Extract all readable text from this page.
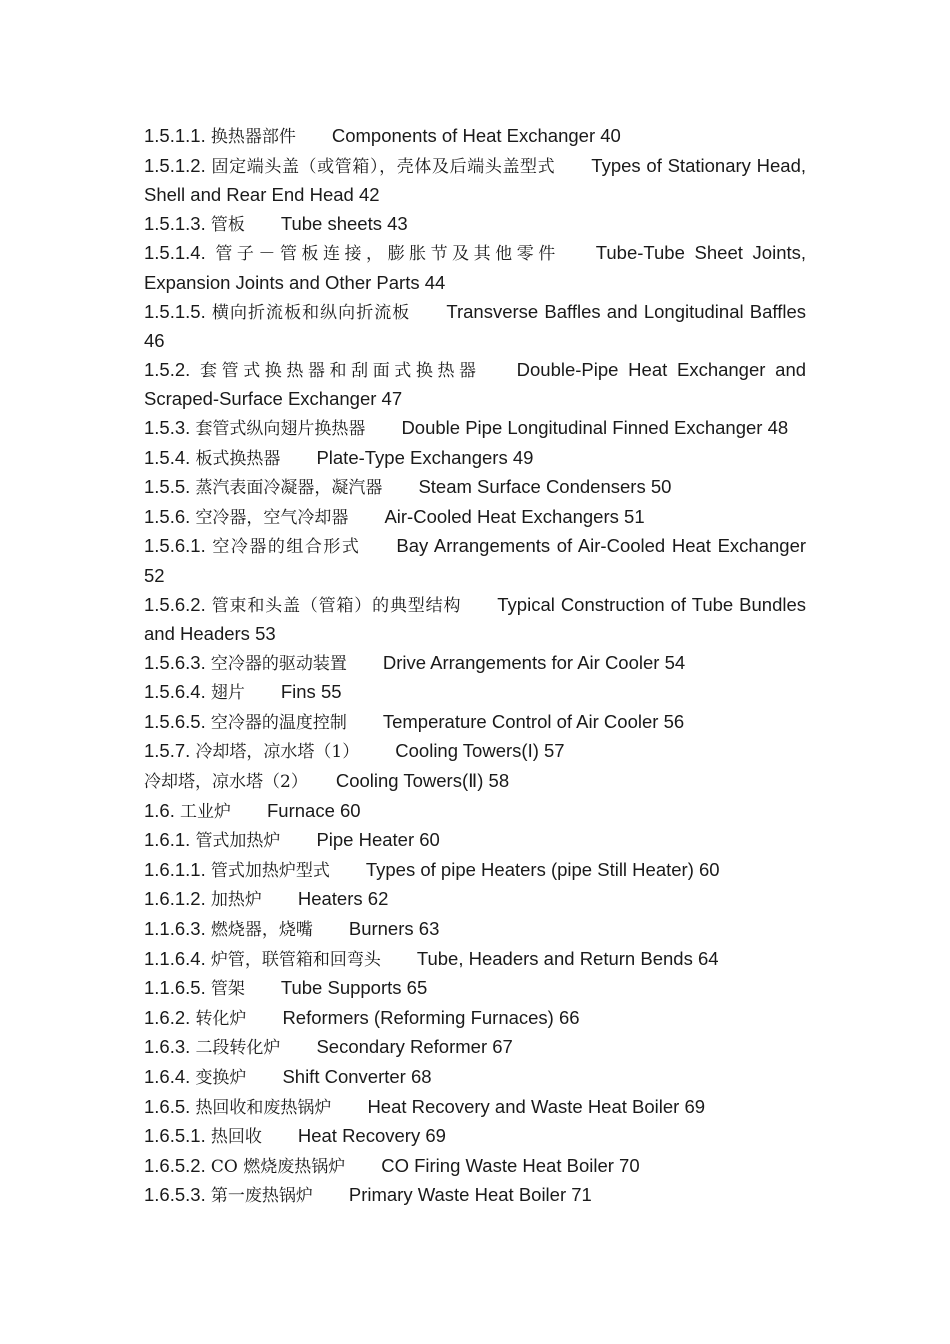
1.5.1.1. 换热器部件 Components of Heat Exchanger 40

1.5.1.2. 固定端头盖（或管箱），壳体及后端头盖型式 Types of Stationary Head, Shell and Rear End Head 42

1.5.1.3. 管板 Tube sheets 43

1.5.1.4. 管子－管板连接，膨胀节及其他零件 Tube-Tube Sheet Joints, Expansion Joints and Other Parts 44

1.5.1.5. 横向折流板和纵向折流板 Transverse Baffles and Longitudinal Baffles 46

1.5.2. 套管式换热器和刮面式换热器 Double-Pipe Heat Exchanger and Scraped-Surface Exchanger 47

1.5.3. 套管式纵向翅片换热器 Double Pipe Longitudinal Finned Exchanger 48

1.5.4. 板式换热器 Plate-Type Exchangers 49

1.5.5. 蒸汽表面冷凝器，凝汽器 Steam Surface Condensers 50

1.5.6. 空冷器，空气冷却器 Air-Cooled Heat Exchangers 51

1.5.6.1. 空冷器的组合形式 Bay Arrangements of Air-Cooled Heat Exchanger 52

1.5.6.2. 管束和头盖（管箱）的典型结构 Typical Construction of Tube Bundles and Headers 53

1.5.6.3. 空冷器的驱动装置 Drive Arrangements for Air Cooler 54

1.5.6.4. 翅片 Fins 55

1.5.6.5. 空冷器的温度控制 Temperature Control of Air Cooler 56

1.5.7. 冷却塔，凉水塔（1） Cooling Towers(I) 57

冷却塔，凉水塔（2） Cooling Towers(Ⅱ) 58

1.6. 工业炉 Furnace 60

1.6.1. 管式加热炉 Pipe Heater 60

1.6.1.1. 管式加热炉型式 Types of pipe Heaters (pipe Still Heater) 60

1.6.1.2. 加热炉 Heaters 62

1.1.6.3. 燃烧器，烧嘴 Burners 63

1.1.6.4. 炉管，联管箱和回弯头 Tube, Headers and Return Bends 64

1.1.6.5. 管架 Tube Supports 65

1.6.2. 转化炉 Reformers (Reforming Furnaces) 66

1.6.3. 二段转化炉 Secondary Reformer 67

1.6.4. 变换炉 Shift Converter 68

1.6.5. 热回收和废热锅炉 Heat Recovery and Waste Heat Boiler 69

1.6.5.1. 热回收 Heat Recovery 69

1.6.5.2. CO 燃烧废热锅炉 CO Firing Waste Heat Boiler 70

1.6.5.3. 第一废热锅炉 Primary Waste Heat Boiler 71
